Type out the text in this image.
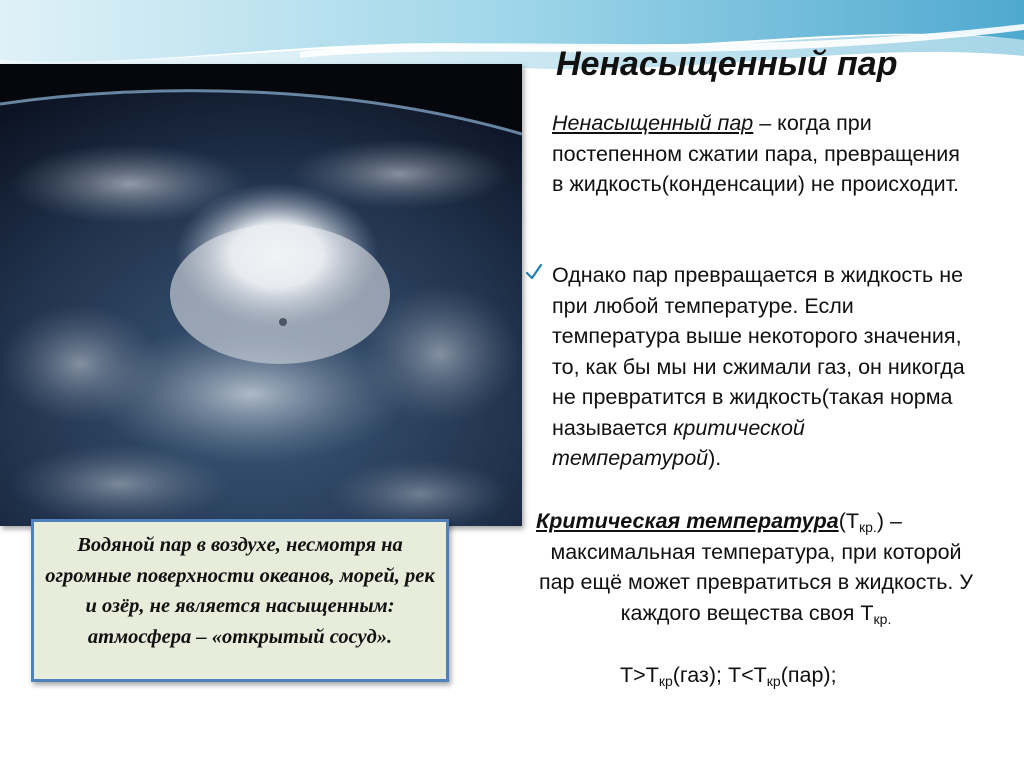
Ненасыщенный пар
Ненасыщенный пар – когда при постепенном сжатии пара, превращения в жидкость(конденсации) не происходит.
Однако пар превращается в жидкость не при любой температуре. Если температура выше некоторого значения, то, как бы мы ни сжимали газ, он никогда не превратится в жидкость(такая норма называется критической температурой).
Критическая $температура(Т_{кр.})$ –
максимальная температура, при которой пар ещё может превратиться в жидкость. У каждого вещества своя $Т_{кр.}$
$Т>Т_{кр}(газ)$; $Т<Т_{кр}(пар)$;
Водяной пар в воздухе, несмотря на огромные поверхности океанов, морей, рек и озёр, не является насыщенным: атмосфера – «открытый сосуд».
